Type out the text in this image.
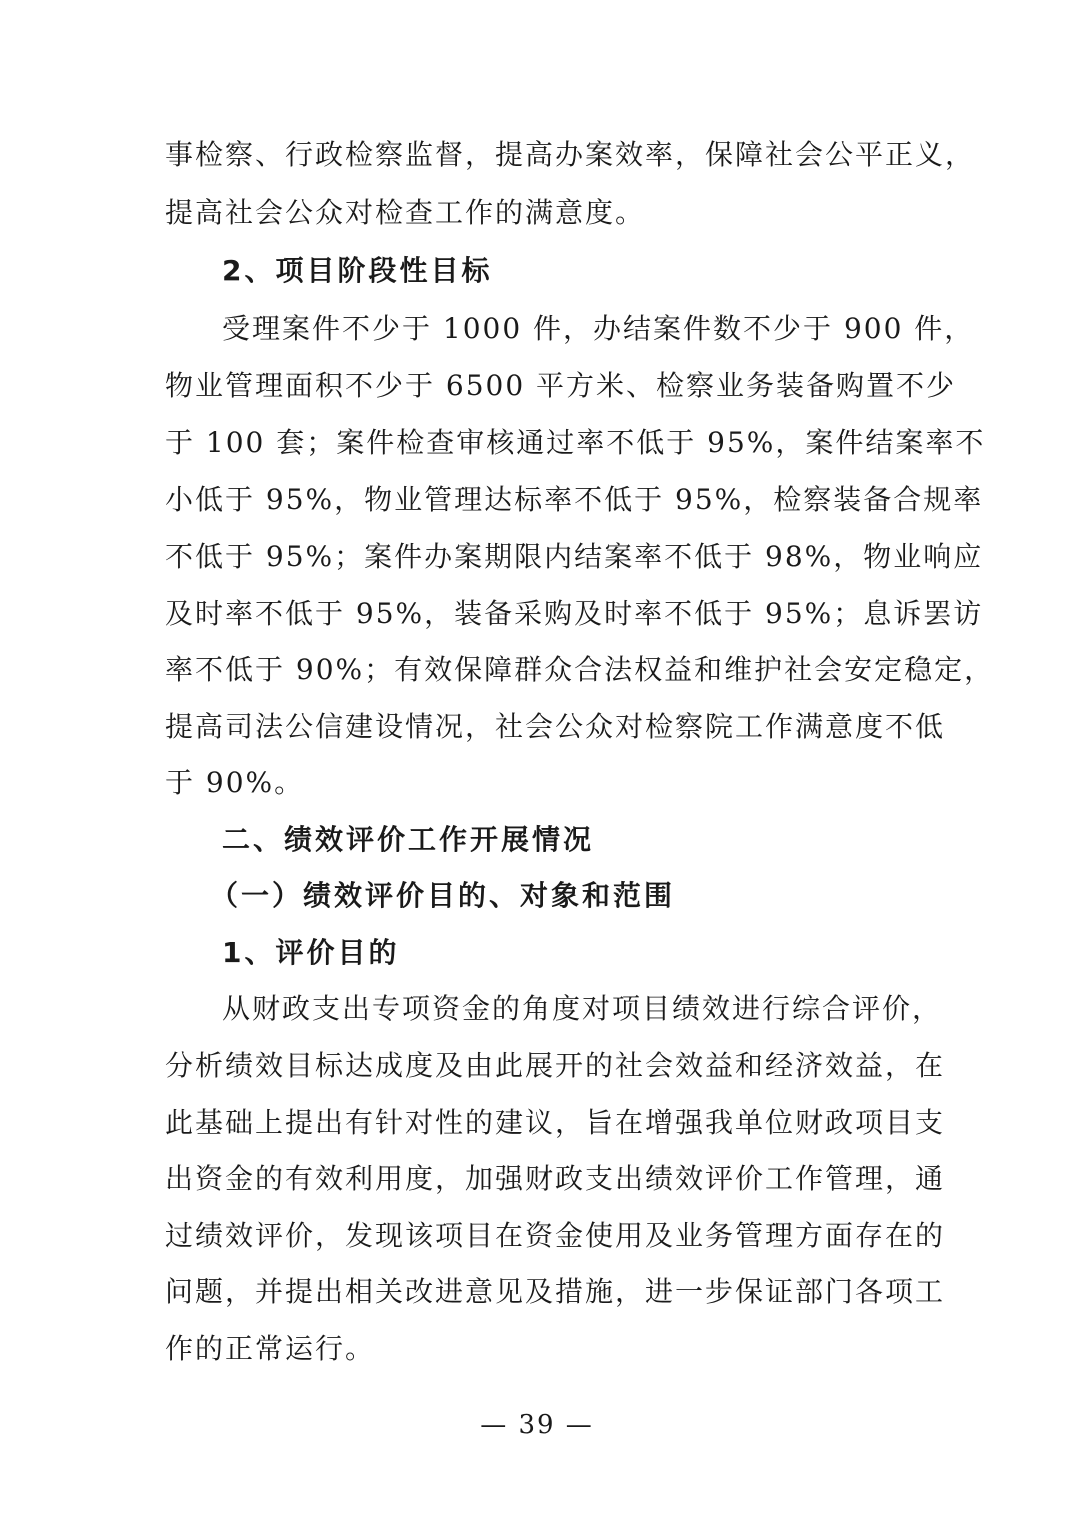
事检察、行政检察监督，提高办案效率，保障社会公平正义，
提高社会公众对检查工作的满意度。
2、项目阶段性目标
受理案件不少于 1000 件，办结案件数不少于 900 件，
物业管理面积不少于 6500 平方米、检察业务装备购置不少
于 100 套；案件检查审核通过率不低于 95%，案件结案率不
小低于 95%，物业管理达标率不低于 95%，检察装备合规率
不低于 95%；案件办案期限内结案率不低于 98%，物业响应
及时率不低于 95%，装备采购及时率不低于 95%；息诉罢访
率不低于 90%；有效保障群众合法权益和维护社会安定稳定，
提高司法公信建设情况，社会公众对检察院工作满意度不低
于 90%。
二、绩效评价工作开展情况
（一）绩效评价目的、对象和范围
1、评价目的
从财政支出专项资金的角度对项目绩效进行综合评价，
分析绩效目标达成度及由此展开的社会效益和经济效益，在
此基础上提出有针对性的建议，旨在增强我单位财政项目支
出资金的有效利用度，加强财政支出绩效评价工作管理，通
过绩效评价，发现该项目在资金使用及业务管理方面存在的
问题，并提出相关改进意见及措施，进一步保证部门各项工
作的正常运行。
— 39 —
